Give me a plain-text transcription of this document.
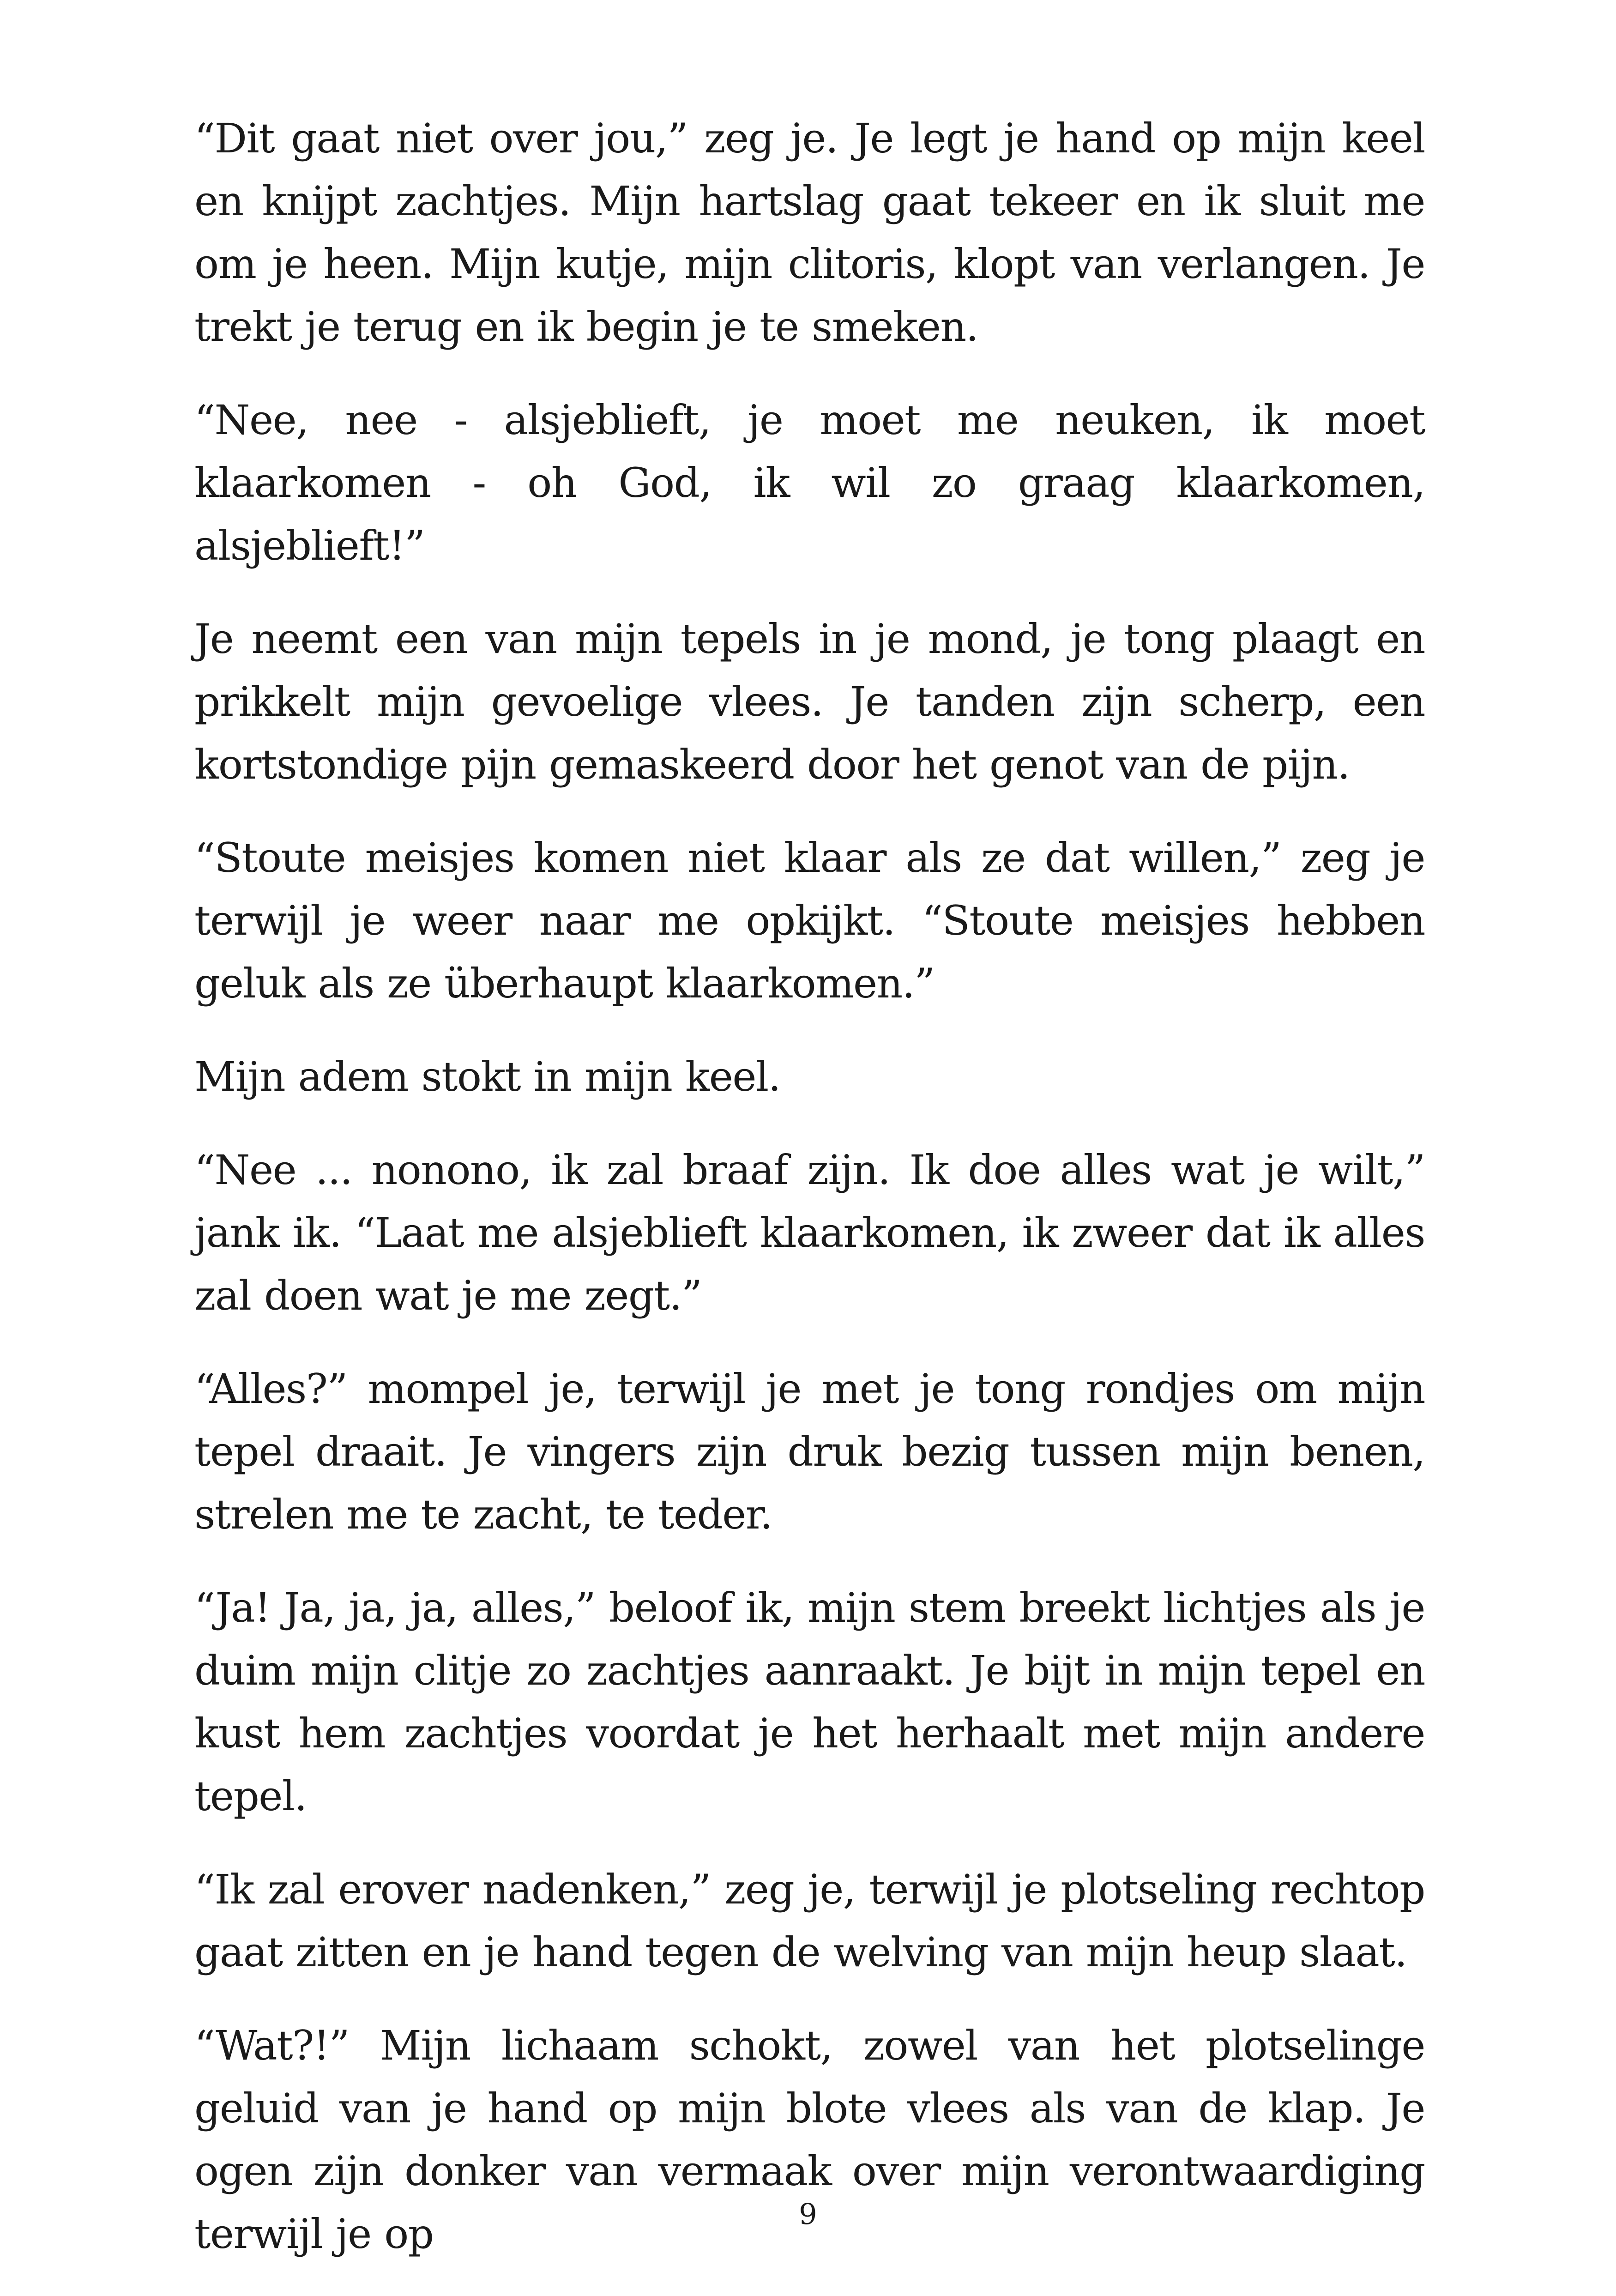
“Dit gaat niet over jou,” zeg je. Je legt je hand op mijn keel en knijpt zachtjes. Mijn hartslag gaat tekeer en ik sluit me om je heen. Mijn kutje, mijn clitoris, klopt van verlangen. Je trekt je terug en ik begin je te smeken.

“Nee, nee - alsjeblieft, je moet me neuken, ik moet klaarkomen - oh God, ik wil zo graag klaarkomen, alsjeblieft!”

Je neemt een van mijn tepels in je mond, je tong plaagt en prikkelt mijn gevoelige vlees. Je tanden zijn scherp, een kortstondige pijn gemaskeerd door het genot van de pijn.

“Stoute meisjes komen niet klaar als ze dat willen,” zeg je terwijl je weer naar me opkijkt. “Stoute meisjes hebben geluk als ze überhaupt klaarkomen.”

Mijn adem stokt in mijn keel.

“Nee ... nonono, ik zal braaf zijn. Ik doe alles wat je wilt,” jank ik. “Laat me alsjeblieft klaarkomen, ik zweer dat ik alles zal doen wat je me zegt.”

“Alles?” mompel je, terwijl je met je tong rondjes om mijn tepel draait. Je vingers zijn druk bezig tussen mijn benen, strelen me te zacht, te teder.

“Ja! Ja, ja, ja, alles,” beloof ik, mijn stem breekt lichtjes als je duim mijn clitje zo zachtjes aanraakt. Je bijt in mijn tepel en kust hem zachtjes voordat je het herhaalt met mijn andere tepel.

“Ik zal erover nadenken,” zeg je, terwijl je plotseling rechtop gaat zitten en je hand tegen de welving van mijn heup slaat.

“Wat?!” Mijn lichaam schokt, zowel van het plotselinge geluid van je hand op mijn blote vlees als van de klap. Je ogen zijn donker van vermaak over mijn verontwaardiging terwijl je op	9
